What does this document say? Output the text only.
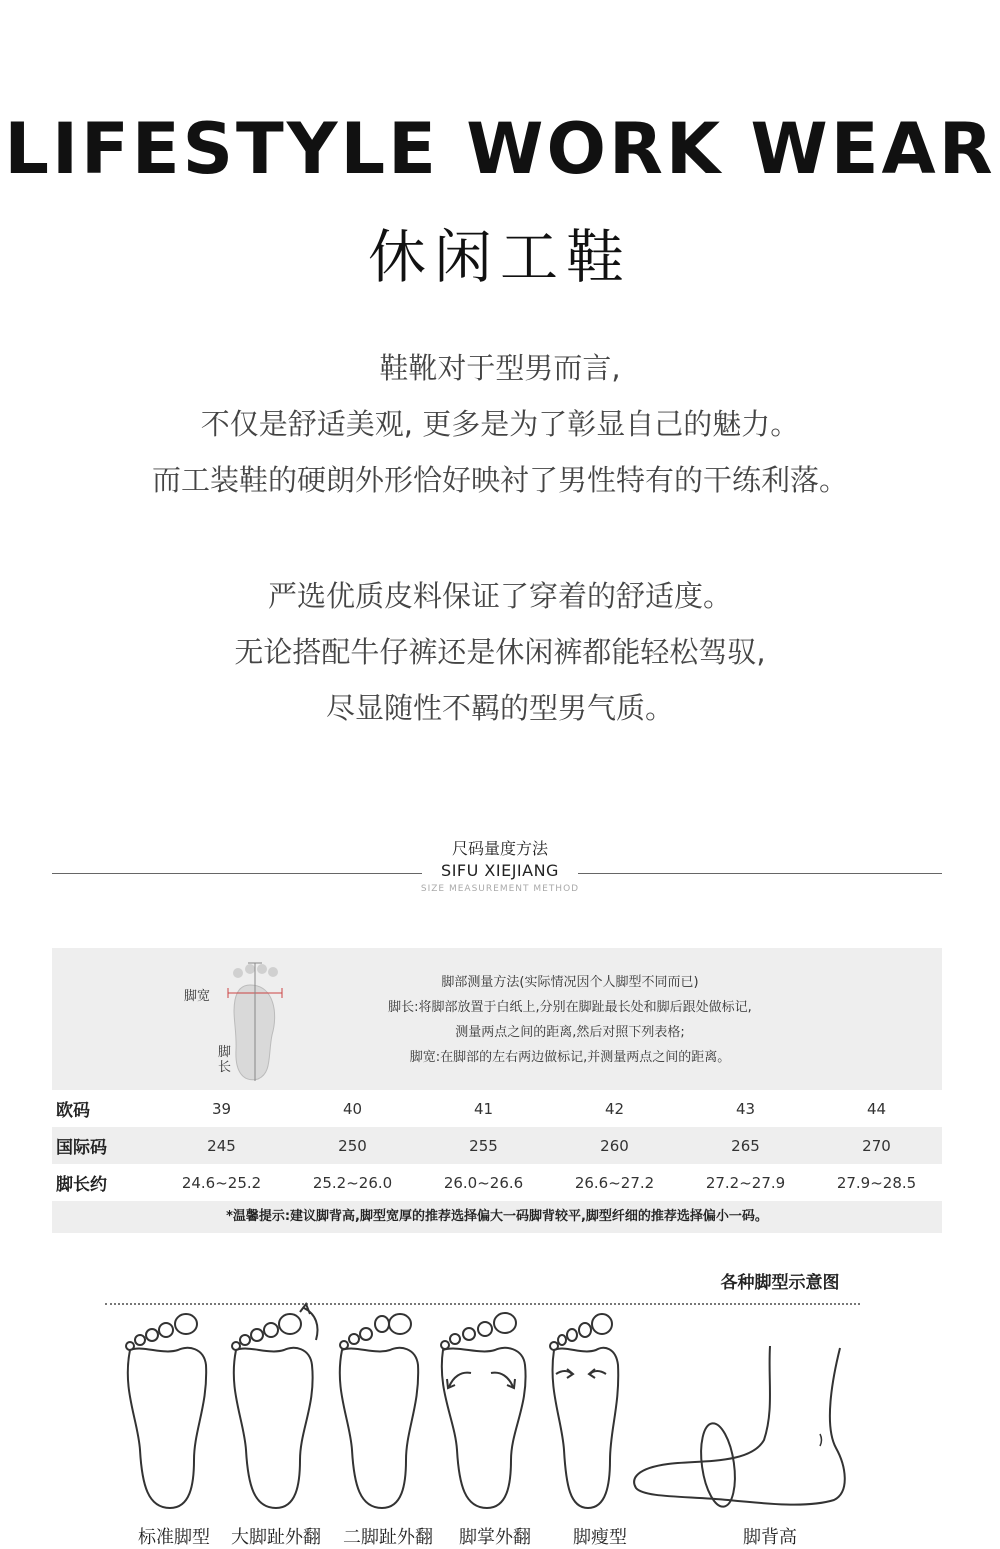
LIFESTYLE WORK WEAR
休闲工鞋
鞋靴对于型男而言,
不仅是舒适美观, 更多是为了彰显自己的魅力。
而工装鞋的硬朗外形恰好映衬了男性特有的干练利落。
严选优质皮料保证了穿着的舒适度。
无论搭配牛仔裤还是休闲裤都能轻松驾驭,
尽显随性不羁的型男气质。
尺码量度方法
SIFU XIEJIANG
SIZE MEASUREMENT METHOD
脚宽
脚长
脚部测量方法(实际情况因个人脚型不同而已)
脚长:将脚部放置于白纸上,分别在脚趾最长处和脚后跟处做标记,
测量两点之间的距离,然后对照下列表格;
脚宽:在脚部的左右两边做标记,并测量两点之间的距离。
欧码	39	40	41	42	43	44
国际码	245	250	255	260	265	270
脚长约	24.6~25.2	25.2~26.0	26.0~26.6	26.6~27.2	27.2~27.9	27.9~28.5
*温馨提示:建议脚背高,脚型宽厚的推荐选择偏大一码脚背较平,脚型纤细的推荐选择偏小一码。
各种脚型示意图
标准脚型	大脚趾外翻	二脚趾外翻	脚掌外翻	脚瘦型	脚背高
